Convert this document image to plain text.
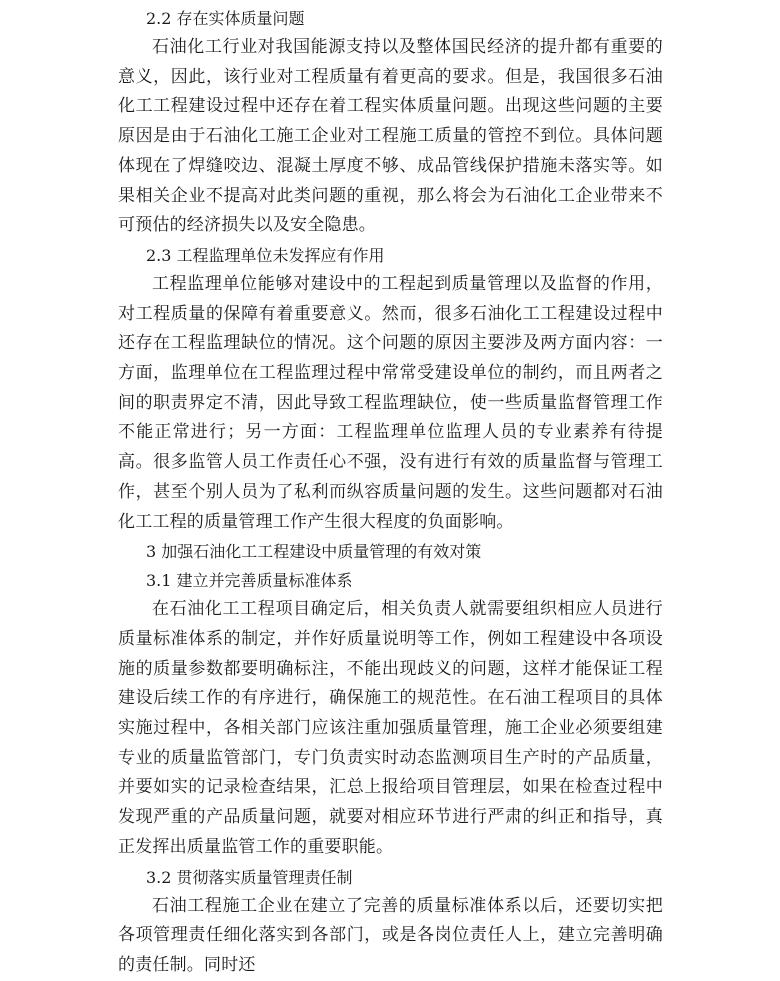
2.2 存在实体质量问题

石油化工行业对我国能源支持以及整体国民经济的提升都有重要的意义，因此，该行业对工程质量有着更高的要求。但是，我国很多石油化工工程建设过程中还存在着工程实体质量问题。出现这些问题的主要原因是由于石油化工施工企业对工程施工质量的管控不到位。具体问题体现在了焊缝咬边、混凝土厚度不够、成品管线保护措施未落实等。如果相关企业不提高对此类问题的重视，那么将会为石油化工企业带来不可预估的经济损失以及安全隐患。

2.3 工程监理单位未发挥应有作用

工程监理单位能够对建设中的工程起到质量管理以及监督的作用，对工程质量的保障有着重要意义。然而，很多石油化工工程建设过程中还存在工程监理缺位的情况。这个问题的原因主要涉及两方面内容：一方面，监理单位在工程监理过程中常常受建设单位的制约，而且两者之间的职责界定不清，因此导致工程监理缺位，使一些质量监督管理工作不能正常进行；另一方面：工程监理单位监理人员的专业素养有待提高。很多监管人员工作责任心不强，没有进行有效的质量监督与管理工作，甚至个别人员为了私利而纵容质量问题的发生。这些问题都对石油化工工程的质量管理工作产生很大程度的负面影响。

3 加强石油化工工程建设中质量管理的有效对策
3.1 建立并完善质量标准体系

在石油化工工程项目确定后，相关负责人就需要组织相应人员进行质量标准体系的制定，并作好质量说明等工作，例如工程建设中各项设施的质量参数都要明确标注，不能出现歧义的问题，这样才能保证工程建设后续工作的有序进行，确保施工的规范性。在石油工程项目的具体实施过程中，各相关部门应该注重加强质量管理，施工企业必须要组建专业的质量监管部门，专门负责实时动态监测项目生产时的产品质量，并要如实的记录检查结果，汇总上报给项目管理层，如果在检查过程中发现严重的产品质量问题，就要对相应环节进行严肃的纠正和指导，真正发挥出质量监管工作的重要职能。

3.2 贯彻落实质量管理责任制

石油工程施工企业在建立了完善的质量标准体系以后，还要切实把各项管理责任细化落实到各部门，或是各岗位责任人上，建立完善明确的责任制。同时还
